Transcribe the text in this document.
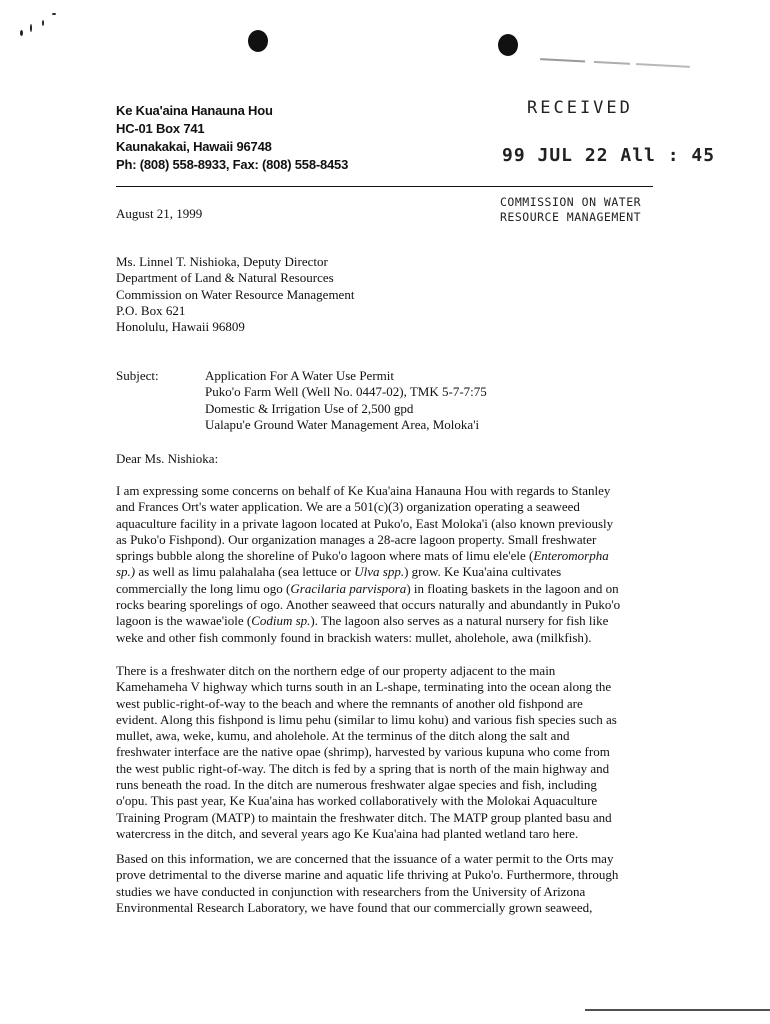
Ke Kua'aina Hanauna Hou
HC-01 Box 741
Kaunakakai, Hawaii 96748
Ph: (808) 558-8933, Fax: (808) 558-8453
RECEIVED
99 JUL 22 All : 45
COMMISSION ON WATER
RESOURCE MANAGEMENT
August 21, 1999
Ms. Linnel T. Nishioka, Deputy Director
Department of Land & Natural Resources
Commission on Water Resource Management
P.O. Box 621
Honolulu, Hawaii 96809
Subject:	Application For A Water Use Permit
Puko'o Farm Well (Well No. 0447-02), TMK 5-7-7:75
Domestic & Irrigation Use of 2,500 gpd
Ualapu'e Ground Water Management Area, Moloka'i
Dear Ms. Nishioka:
I am expressing some concerns on behalf of Ke Kua'aina Hanauna Hou with regards to Stanley
and Frances Ort's water application. We are a 501(c)(3) organization operating a seaweed
aquaculture facility in a private lagoon located at Puko'o, East Moloka'i (also known previously
as Puko'o Fishpond). Our organization manages a 28-acre lagoon property. Small freshwater
springs bubble along the shoreline of Puko'o lagoon where mats of limu ele'ele (Enteromorpha
sp.) as well as limu palahalaha (sea lettuce or Ulva spp.) grow. Ke Kua'aina cultivates
commercially the long limu ogo (Gracilaria parvispora) in floating baskets in the lagoon and on
rocks bearing sporelings of ogo. Another seaweed that occurs naturally and abundantly in Puko'o
lagoon is the wawae'iole (Codium sp.). The lagoon also serves as a natural nursery for fish like
weke and other fish commonly found in brackish waters: mullet, aholehole, awa (milkfish).
There is a freshwater ditch on the northern edge of our property adjacent to the main
Kamehameha V highway which turns south in an L-shape, terminating into the ocean along the
west public-right-of-way to the beach and where the remnants of another old fishpond are
evident. Along this fishpond is limu pehu (similar to limu kohu) and various fish species such as
mullet, awa, weke, kumu, and aholehole. At the terminus of the ditch along the salt and
freshwater interface are the native opae (shrimp), harvested by various kupuna who come from
the west public right-of-way. The ditch is fed by a spring that is north of the main highway and
runs beneath the road. In the ditch are numerous freshwater algae species and fish, including
o'opu. This past year, Ke Kua'aina has worked collaboratively with the Molokai Aquaculture
Training Program (MATP) to maintain the freshwater ditch. The MATP group planted basu and
watercress in the ditch, and several years ago Ke Kua'aina had planted wetland taro here.
Based on this information, we are concerned that the issuance of a water permit to the Orts may
prove detrimental to the diverse marine and aquatic life thriving at Puko'o. Furthermore, through
studies we have conducted in conjunction with researchers from the University of Arizona
Environmental Research Laboratory, we have found that our commercially grown seaweed,
